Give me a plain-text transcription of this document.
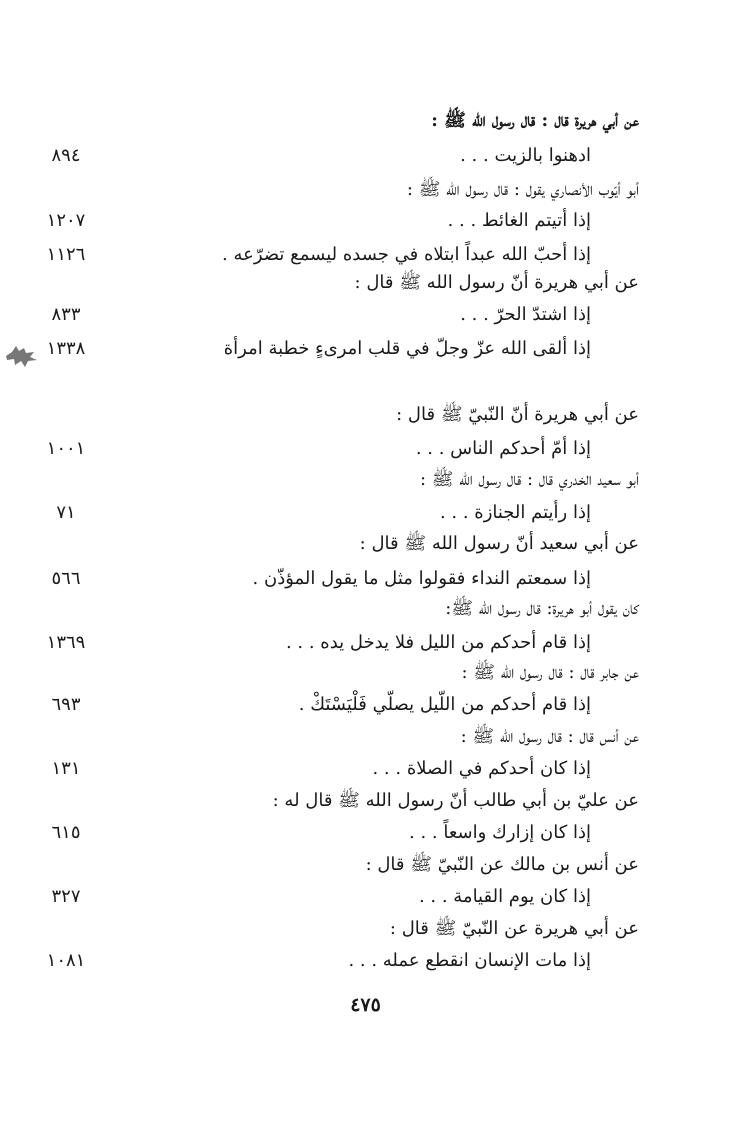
عن أبي هريرة قال : قال رسول الله ﷺ :
ادهنوا بالزيت . . .
٨٩٤
أبو أيّوب الأنصاري يقول : قال رسول الله ﷺ :
إذا أتيتم الغائط . . .
١٢٠٧
إذا أحبّ الله عبداً ابتلاه في جسده ليسمع تضرّعه .
١١٢٦
عن أبي هريرة أنّ رسول الله ﷺ قال :
إذا اشتدّ الحرّ . . .
٨٣٣
إذا ألقى الله عزّ وجلّ في قلب امرىءٍ خطبة امرأة
١٣٣٨
عن أبي هريرة أنّ النّبيّ ﷺ قال :
إذا أمّ أحدكم الناس . . .
١٠٠١
أبو سعيد الخدري قال : قال رسول الله ﷺ :
إذا رأيتم الجنازة . . .
٧١
عن أبي سعيد أنّ رسول الله ﷺ قال :
إذا سمعتم النداء فقولوا مثل ما يقول المؤذّن .
٥٦٦
كان يقول أبو هريرة: قال رسول الله ﷺ:
إذا قام أحدكم من الليل فلا يدخل يده . . .
١٣٦٩
عن جابر قال : قال رسول الله ﷺ :
إذا قام أحدكم من اللّيل يصلّي فَلْيَسْتَكْ .
٦٩٣
عن أنس قال : قال رسول الله ﷺ :
إذا كان أحدكم في الصلاة . . .
١٣١
عن عليّ بن أبي طالب أنّ رسول الله ﷺ قال له :
إذا كان إزارك واسعاً . . .
٦١٥
عن أنس بن مالك عن النّبيّ ﷺ قال :
إذا كان يوم القيامة . . .
٣٢٧
عن أبي هريرة عن النّبيّ ﷺ قال :
إذا مات الإنسان انقطع عمله . . .
١٠٨١
٤٧٥
